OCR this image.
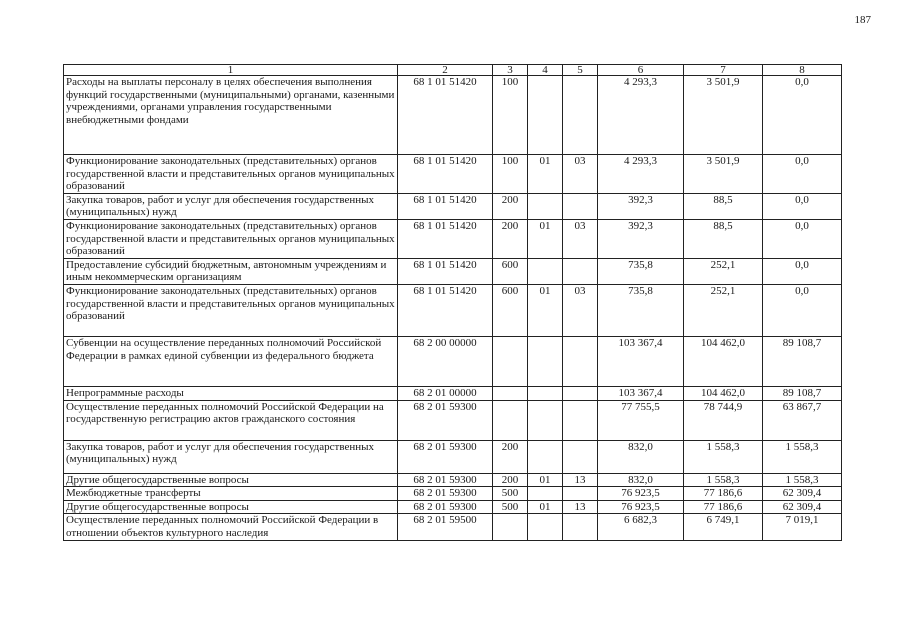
187
1	2	3	4	5	6	7	8
Расходы на выплаты персоналу в целях обеспечения выполнения функций государственными (муниципальными) органами, казенными учреждениями, органами управления государственными внебюджетными фондами	68 1 01 51420	100			4 293,3	3 501,9	0,0
Функционирование законодательных (представительных) органов государственной власти и представительных органов муниципальных образований	68 1 01 51420	100	01	03	4 293,3	3 501,9	0,0
Закупка товаров, работ и услуг для обеспечения государственных (муниципальных) нужд	68 1 01 51420	200			392,3	88,5	0,0
Функционирование законодательных (представительных) органов государственной власти и представительных органов муниципальных образований	68 1 01 51420	200	01	03	392,3	88,5	0,0
Предоставление субсидий бюджетным, автономным учреждениям и иным некоммерческим организациям	68 1 01 51420	600			735,8	252,1	0,0
Функционирование законодательных (представительных) органов государственной власти и представительных органов муниципальных образований	68 1 01 51420	600	01	03	735,8	252,1	0,0
Субвенции на осуществление переданных полномочий Российской Федерации в рамках единой субвенции из федерального бюджета	68 2 00 00000				103 367,4	104 462,0	89 108,7
Непрограммные расходы	68 2 01 00000				103 367,4	104 462,0	89 108,7
Осуществление переданных полномочий Российской Федерации на государственную регистрацию актов гражданского состояния	68 2 01 59300				77 755,5	78 744,9	63 867,7
Закупка товаров, работ и услуг для обеспечения государственных (муниципальных) нужд	68 2 01 59300	200			832,0	1 558,3	1 558,3
Другие общегосударственные вопросы	68 2 01 59300	200	01	13	832,0	1 558,3	1 558,3
Межбюджетные трансферты	68 2 01 59300	500			76 923,5	77 186,6	62 309,4
Другие общегосударственные вопросы	68 2 01 59300	500	01	13	76 923,5	77 186,6	62 309,4
Осуществление переданных полномочий Российской Федерации в отношении объектов культурного наследия	68 2 01 59500				6 682,3	6 749,1	7 019,1
